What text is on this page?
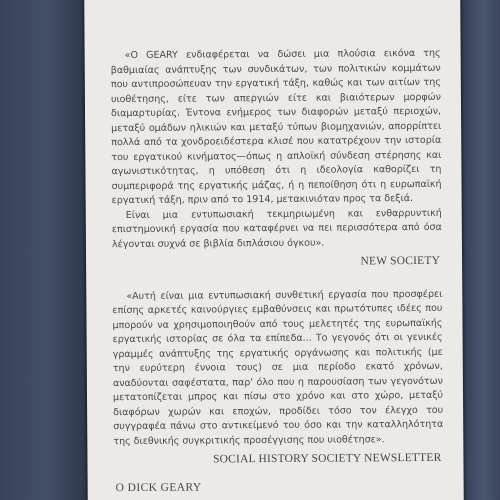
«Ο GEARY ενδιαφέρεται να δώσει μια πλούσια εικόνα της βαθμιαίας ανάπτυξης των συνδικάτων, των πολιτικών κομμάτων που αντιπροσώπευαν την εργατική τάξη, καθώς και των αιτίων της υιοθέτησης, είτε των απεργιών είτε και βιαιότερων μορφών διαμαρτυρίας. Έντονα ενήμερος των διαφορών μεταξύ περιοχών, μεταξύ ομάδων ηλικιών και μεταξύ τύπων βιομηχανιών, απορρίπτει πολλά από τα χονδροειδέστερα κλισέ που κατατρέχουν την ιστορία του εργατικού κινήματος—όπως η απλοϊκή σύνδεση στέρησης και αγωνιστικότητας, η υπόθεση ότι η ιδεολογία καθορίζει τη συμπεριφορά της εργατικής μάζας, ή η πεποίθηση ότι η ευρωπαϊκή εργατική τάξη, πριν από το 1914, μετακινιόταν προς τα δεξιά.

Είναι μια εντυπωσιακή τεκμηριωμένη και ενθαρρυντική επιστημονική εργασία που καταφέρνει να πει περισσότερα από όσα λέγονται συχνά σε βιβλία διπλάσιου όγκου».

NEW SOCIETY

«Αυτή είναι μια εντυπωσιακή συνθετική εργασία που προσφέρει επίσης αρκετές καινούργιες εμβαθύνσεις και πρωτότυπες ιδέες που μπορούν να χρησιμοποιηθούν από τους μελετητές της ευρωπαϊκής εργατικής ιστορίας σε όλα τα επίπεδα... Το γεγονός ότι οι γενικές γραμμές ανάπτυξης της εργατικής οργάνωσης και πολιτικής (με την ευρύτερη έννοια τους) σε μια περίοδο εκατό χρόνων, αναδύονται σαφέστατα, παρ' όλο που η παρουσίαση των γεγονότων μετατοπίζεται μπρος και πίσω στο χρόνο και στο χώρο, μεταξύ διαφόρων χωρών και εποχών, προδίδει τόσο τον έλεγχο του συγγραφέα πάνω στο αντικείμενό του όσο και την καταλληλότητα της διεθνικής συγκριτικής προσέγγισης που υιοθέτησε».

SOCIAL HISTORY SOCIETY NEWSLETTER

O DICK GEARY
